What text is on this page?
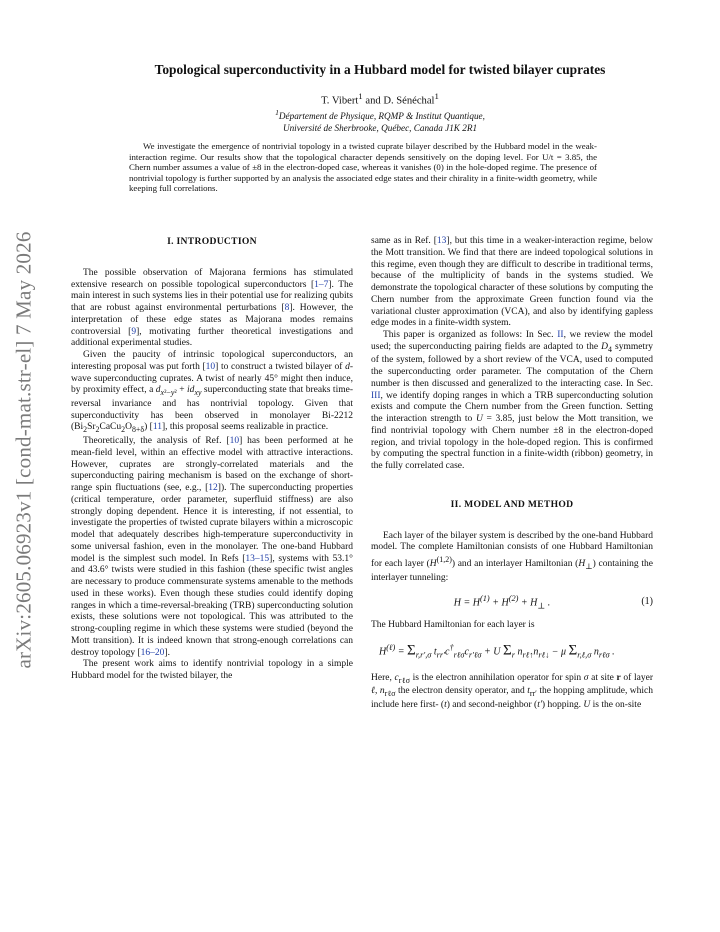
arXiv:2605.06923v1 [cond-mat.str-el] 7 May 2026
Topological superconductivity in a Hubbard model for twisted bilayer cuprates
T. Vibert$^1$ and D. Sénéchal$^1$
$^1$Département de Physique, RQMP & Institut Quantique,
Université de Sherbrooke, Québec, Canada J1K 2R1

We investigate the emergence of nontrivial topology in a twisted cuprate bilayer described by the Hubbard model in the weak-interaction regime. Our results show that the topological character depends sensitively on the doping level. For U/t = 3.85, the Chern number assumes a value of ±8 in the electron-doped case, whereas it vanishes (0) in the hole-doped regime. The presence of nontrivial topology is further supported by an analysis the associated edge states and their chirality in a finite-width geometry, while keeping full correlations.

I. INTRODUCTION

The possible observation of Majorana fermions has stimulated extensive research on possible topological superconductors [1–7]. The main interest in such systems lies in their potential use for realizing qubits that are robust against environmental perturbations [8]. However, the interpretation of these edge states as Majorana modes remains controversial [9], motivating further theoretical investigations and additional experimental studies.

Given the paucity of intrinsic topological superconductors, an interesting proposal was put forth [10] to construct a twisted bilayer of d-wave superconducting cuprates. A twist of nearly 45° might then induce, by proximity effect, a $d_{x^2-y^2} + id_{xy}$ superconducting state that breaks time-reversal invariance and has nontrivial topology. Given that superconductivity has been observed in monolayer Bi-2212 $(Bi_2Sr_2CaCu_2O_{8+\delta})$ [11], this proposal seems realizable in practice.

Theoretically, the analysis of Ref. [10] has been performed at he mean-field level, within an effective model with attractive interactions. However, cuprates are strongly-correlated materials and the superconducting pairing mechanism is based on the exchange of short-range spin fluctuations (see, e.g., [12]). The superconducting properties (critical temperature, order parameter, superfluid stiffness) are also strongly doping dependent. Hence it is interesting, if not essential, to investigate the properties of twisted cuprate bilayers within a microscopic model that adequately describes high-temperature superconductivity in some universal fashion, even in the monolayer. The one-band Hubbard model is the simplest such model. In Refs [13–15], systems with 53.1° and 43.6° twists were studied in this fashion (these specific twist angles are necessary to produce commensurate systems amenable to the methods used in these works). Even though these studies could identify doping ranges in which a time-reversal-breaking (TRB) superconducting solution exists, these solutions were not topological. This was attributed to the strong-coupling regime in which these systems were studied (beyond the Mott transition). It is indeed known that strong-enough correlations can destroy topology [16–20].

The present work aims to identify nontrivial topology in a simple Hubbard model for the twisted bilayer, the

same as in Ref. [13], but this time in a weaker-interaction regime, below the Mott transition. We find that there are indeed topological solutions in this regime, even though they are difficult to describe in traditional terms, because of the multiplicity of bands in the systems studied. We demonstrate the topological character of these solutions by computing the Chern number from the approximate Green function found via the variational cluster approximation (VCA), and also by identifying gapless edge modes in a finite-width system.

This paper is organized as follows: In Sec. II, we review the model used; the superconducting pairing fields are adapted to the $D_4$ symmetry of the system, followed by a short review of the VCA, used to computed the superconducting order parameter. The computation of the Chern number is then discussed and generalized to the interacting case. In Sec. III, we identify doping ranges in which a TRB superconducting solution exists and compute the Chern number from the Green function. Setting the interaction strength to U = 3.85, just below the Mott transition, we find nontrivial topology with Chern number ±8 in the electron-doped region, and trivial topology in the hole-doped region. This is confirmed by computing the spectral function in a finite-width (ribbon) geometry, in the fully correlated case.

II. MODEL AND METHOD

Each layer of the bilayer system is described by the one-band Hubbard model. The complete Hamiltonian consists of one Hubbard Hamiltonian for each layer $(H^{(1,2)})$ and an interlayer Hamiltonian $(H_\perp)$ containing the interlayer tunneling:

$H = H^{(1)} + H^{(2)} + H_\perp$ .	(1)

The Hubbard Hamiltonian for each layer is

$H^{(\ell)} = \Sigma_{r,r',\sigma}$ $t_{rr'}c^\dagger_{r\ell\sigma}c_{r'\ell\sigma} + U$ $\Sigma_r$ $n_{r\ell↑}n_{r\ell↓} - \mu$ $\Sigma_{r,\ell,\sigma}$ $n_{r\ell\sigma}$ .

Here, $c_{r\ell\sigma}$ is the electron annihilation operator for spin σ at site r of layer ℓ, $n_{r\ell\sigma}$ the electron density operator, and $t_{rr'}$ the hopping amplitude, which include here first- (t) and second-neighbor (t′) hopping. U is the on-site
